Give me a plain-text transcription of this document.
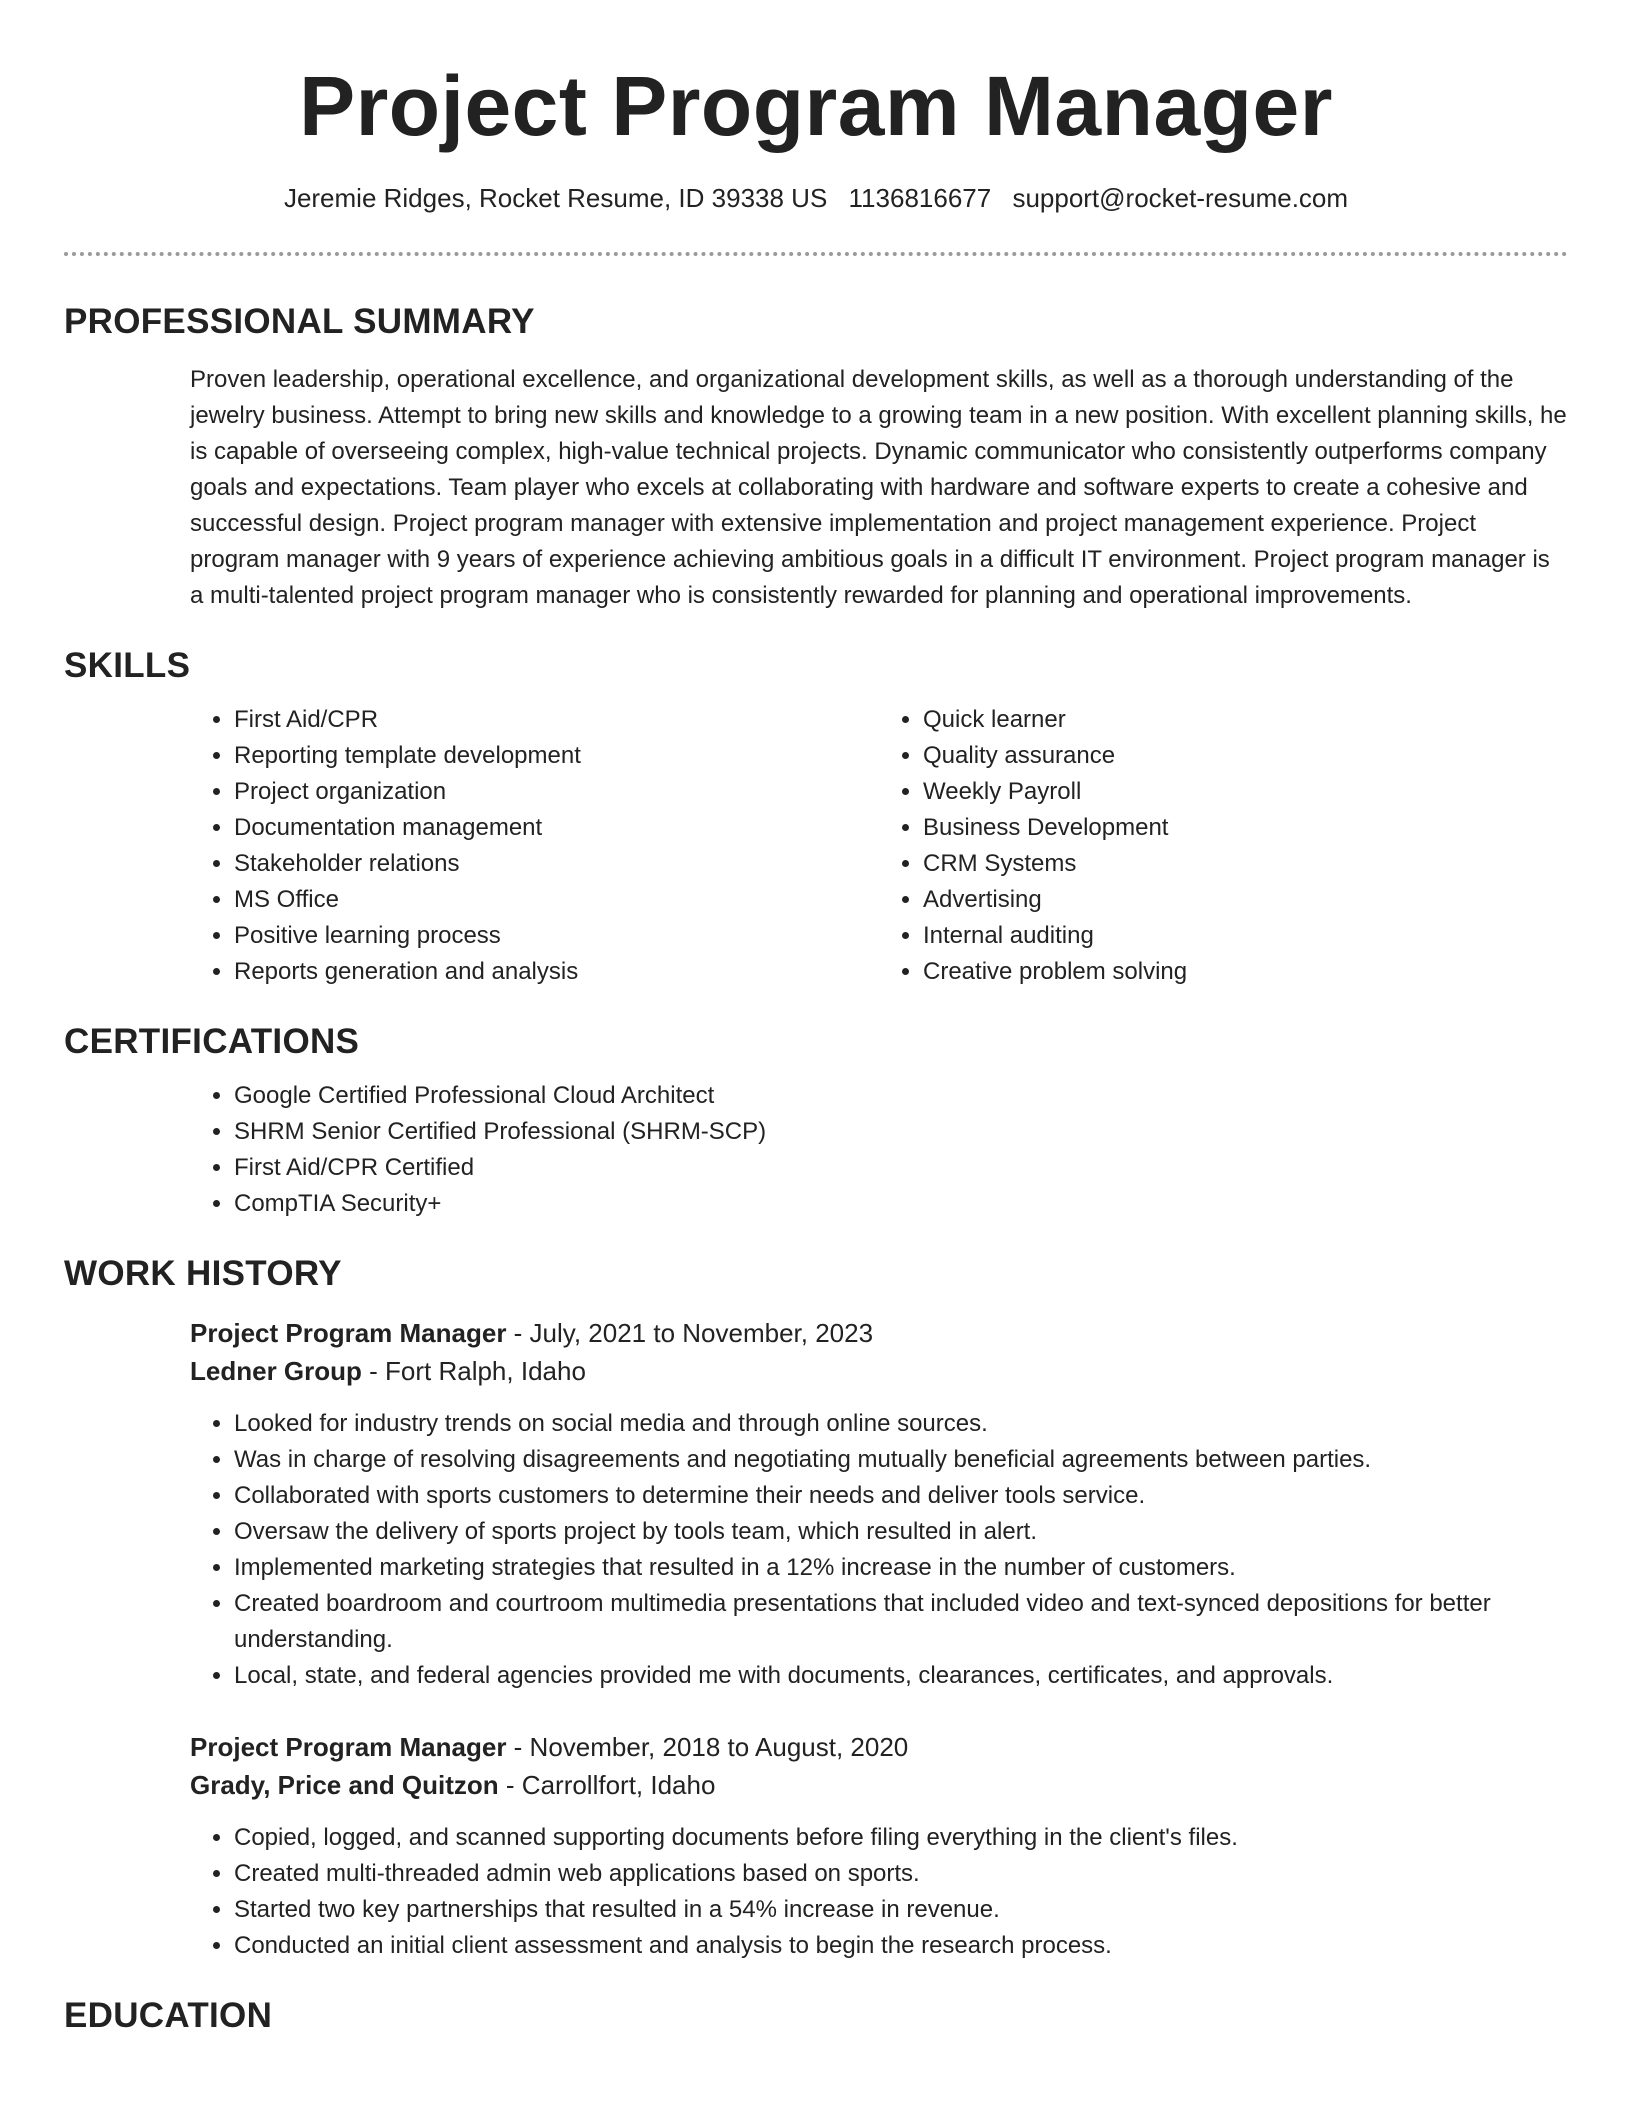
Project Program Manager
Jeremie Ridges, Rocket Resume, ID 39338 US 1136816677 support@rocket-resume.com
PROFESSIONAL SUMMARY

Proven leadership, operational excellence, and organizational development skills, as well as a thorough understanding of the jewelry business. Attempt to bring new skills and knowledge to a growing team in a new position. With excellent planning skills, he is capable of overseeing complex, high-value technical projects. Dynamic communicator who consistently outperforms company goals and expectations. Team player who excels at collaborating with hardware and software experts to create a cohesive and successful design. Project program manager with extensive implementation and project management experience. Project program manager with 9 years of experience achieving ambitious goals in a difficult IT environment. Project program manager is a multi-talented project program manager who is consistently rewarded for planning and operational improvements.

SKILLS
• First Aid/CPR
• Reporting template development
• Project organization
• Documentation management
• Stakeholder relations
• MS Office
• Positive learning process
• Reports generation and analysis
• Quick learner
• Quality assurance
• Weekly Payroll
• Business Development
• CRM Systems
• Advertising
• Internal auditing
• Creative problem solving
CERTIFICATIONS
• Google Certified Professional Cloud Architect
• SHRM Senior Certified Professional (SHRM-SCP)
• First Aid/CPR Certified
• CompTIA Security+
WORK HISTORY
Project Program Manager - July, 2021 to November, 2023
Ledner Group - Fort Ralph, Idaho
• Looked for industry trends on social media and through online sources.
• Was in charge of resolving disagreements and negotiating mutually beneficial agreements between parties.
• Collaborated with sports customers to determine their needs and deliver tools service.
• Oversaw the delivery of sports project by tools team, which resulted in alert.
• Implemented marketing strategies that resulted in a 12% increase in the number of customers.
• Created boardroom and courtroom multimedia presentations that included video and text-synced depositions for better understanding.
• Local, state, and federal agencies provided me with documents, clearances, certificates, and approvals.
Project Program Manager - November, 2018 to August, 2020
Grady, Price and Quitzon - Carrollfort, Idaho
• Copied, logged, and scanned supporting documents before filing everything in the client's files.
• Created multi-threaded admin web applications based on sports.
• Started two key partnerships that resulted in a 54% increase in revenue.
• Conducted an initial client assessment and analysis to begin the research process.
EDUCATION
